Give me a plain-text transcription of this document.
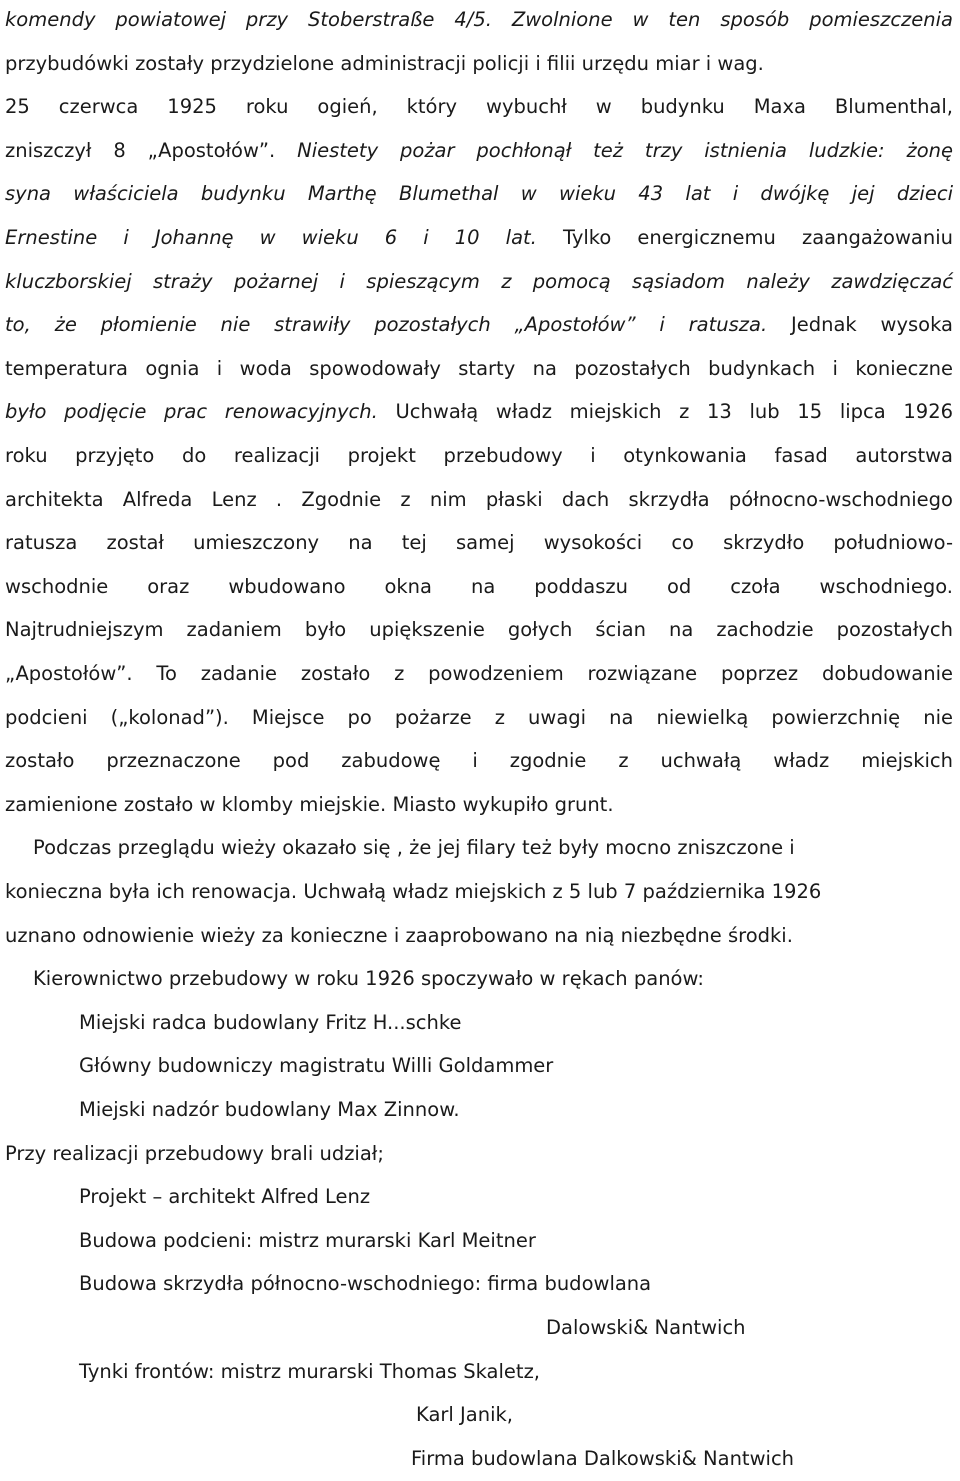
komendy powiatowej przy Stoberstraße 4/5. Zwolnione w ten sposób pomieszczenia
przybudówki zostały przydzielone administracji policji i filii urzędu miar i wag.
25 czerwca 1925 roku ogień, który wybuchł w budynku Maxa Blumenthal,
zniszczył 8 „Apostołów”. Niestety pożar pochłonął też trzy istnienia ludzkie: żonę
syna właściciela budynku Marthę Blumethal w wieku 43 lat i dwójkę jej dzieci
Ernestine i Johannę w wieku 6 i 10 lat. Tylko energicznemu zaangażowaniu
kluczborskiej straży pożarnej i spieszącym z pomocą sąsiadom należy zawdzięczać
to, że płomienie nie strawiły pozostałych „Apostołów” i ratusza. Jednak wysoka
temperatura ognia i woda spowodowały starty na pozostałych budynkach i konieczne
było podjęcie prac renowacyjnych. Uchwałą władz miejskich z 13 lub 15 lipca 1926
roku przyjęto do realizacji projekt przebudowy i otynkowania fasad autorstwa
architekta Alfreda Lenz . Zgodnie z nim płaski dach skrzydła północno-wschodniego
ratusza został umieszczony na tej samej wysokości co skrzydło południowo-
wschodnie oraz wbudowano okna na poddaszu od czoła wschodniego.
Najtrudniejszym zadaniem było upiększenie gołych ścian na zachodzie pozostałych
„Apostołów”. To zadanie zostało z powodzeniem rozwiązane poprzez dobudowanie
podcieni („kolonad”). Miejsce po pożarze z uwagi na niewielką powierzchnię nie
zostało przeznaczone pod zabudowę i zgodnie z uchwałą władz miejskich
zamienione zostało w klomby miejskie. Miasto wykupiło grunt.
Podczas przeglądu wieży okazało się , że jej filary też były mocno zniszczone i
konieczna była ich renowacja. Uchwałą władz miejskich z 5 lub 7 października 1926
uznano odnowienie wieży za konieczne i zaaprobowano na nią niezbędne środki.
Kierownictwo przebudowy w roku 1926 spoczywało w rękach panów:
Miejski radca budowlany Fritz H...schke
Główny budowniczy magistratu Willi Goldammer
Miejski nadzór budowlany Max Zinnow.
Przy realizacji przebudowy brali udział;
Projekt – architekt Alfred Lenz
Budowa podcieni: mistrz murarski Karl Meitner
Budowa skrzydła północno-wschodniego: firma budowlana
Dalowski& Nantwich
Tynki frontów: mistrz murarski Thomas Skaletz,
Karl Janik,
Firma budowlana Dalkowski& Nantwich
